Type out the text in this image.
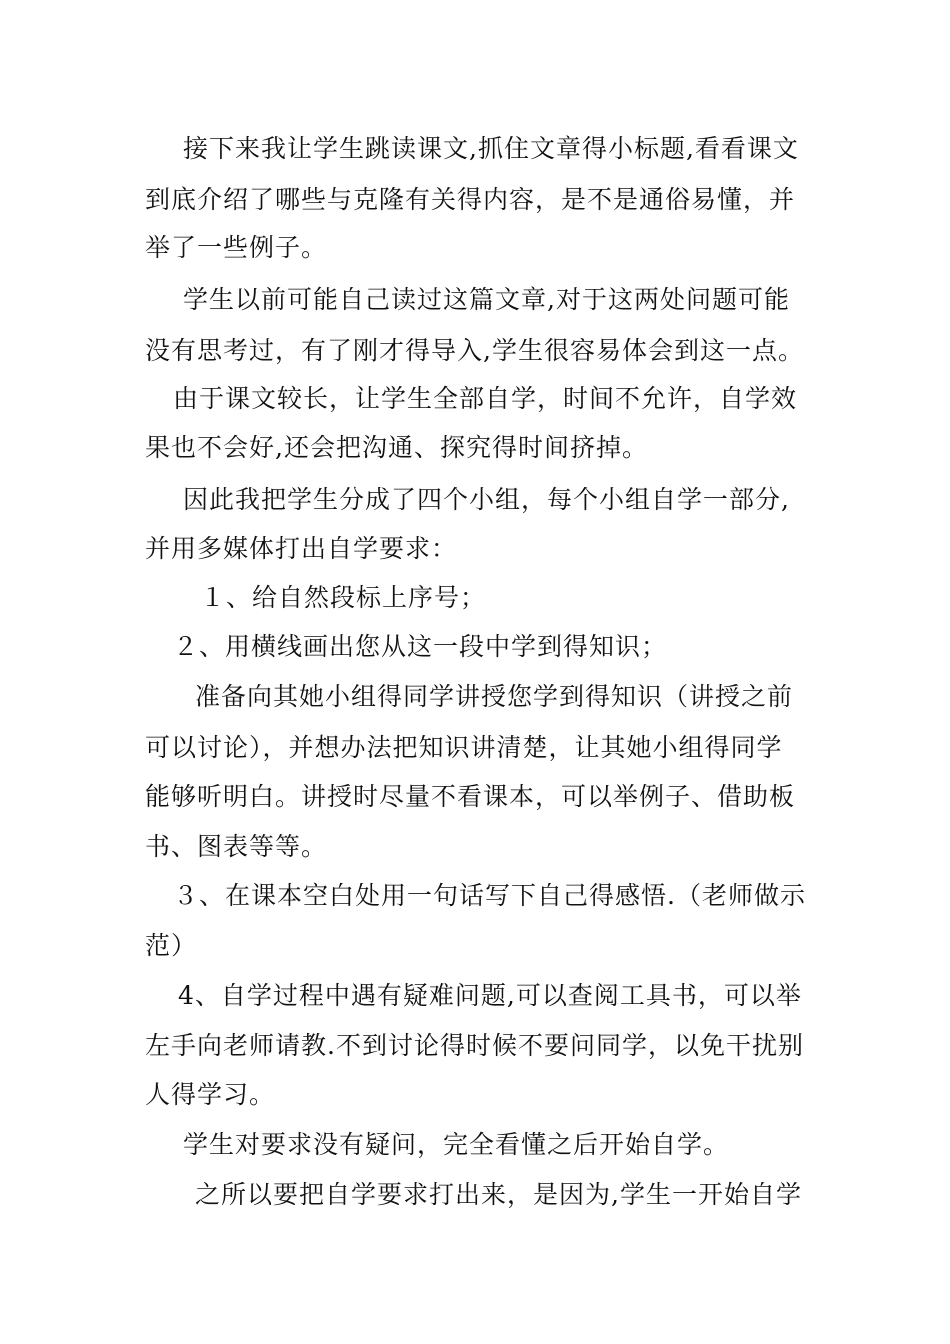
接下来我让学生跳读课文,抓住文章得小标题,看看课文
到底介绍了哪些与克隆有关得内容，是不是通俗易懂，并
举了一些例子。
学生以前可能自己读过这篇文章,对于这两处问题可能
没有思考过，有了刚才得导入,学生很容易体会到这一点。
由于课文较长，让学生全部自学，时间不允许，自学效
果也不会好,还会把沟通、探究得时间挤掉。
因此我把学生分成了四个小组，每个小组自学一部分,
并用多媒体打出自学要求：
１、给自然段标上序号；
２、用横线画出您从这一段中学到得知识；
准备向其她小组得同学讲授您学到得知识（讲授之前
可以讨论），并想办法把知识讲清楚，让其她小组得同学
能够听明白。讲授时尽量不看课本，可以举例子、借助板
书、图表等等。
３、在课本空白处用一句话写下自己得感悟.（老师做示
范）
4、自学过程中遇有疑难问题,可以查阅工具书，可以举
左手向老师请教.不到讨论得时候不要问同学，以免干扰别
人得学习。
学生对要求没有疑问，完全看懂之后开始自学。
之所以要把自学要求打出来，是因为,学生一开始自学
